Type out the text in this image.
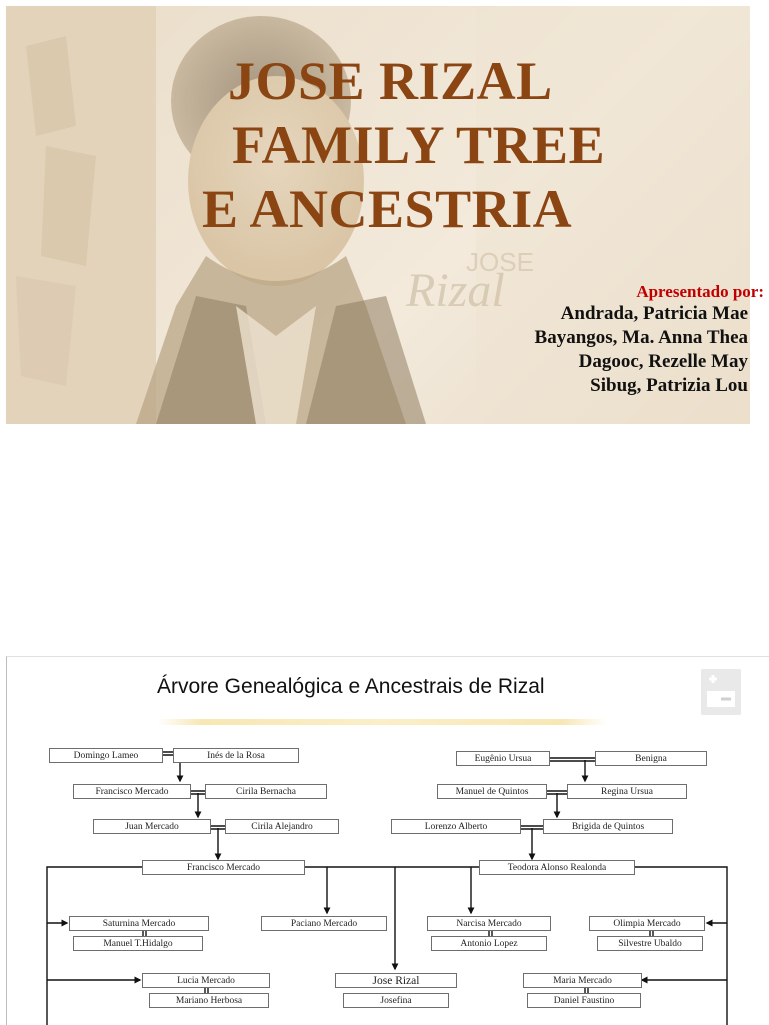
Rizal
JOSE
JOSE RIZAL
FAMILY TREE
E ANCESTRIA
Apresentado por:
Andrada, Patricia Mae
Bayangos, Ma. Anna Thea
Dagooc, Rezelle May
Sibug, Patrizia Lou
Árvore Genealógica e Ancestrais de Rizal
Domingo Lameo	Inés de la Rosa
Francisco Mercado	Cirila Bernacha
Juan Mercado	Cirila Alejandro
Francisco Mercado
Eugênio Ursua	Benigna
Manuel de Quintos	Regina Ursua
Lorenzo Alberto	Brigida de Quintos
Teodora Alonso Realonda
Saturnina Mercado
Manuel T.Hidalgo
Paciano Mercado	Narcisa Mercado
Antonio Lopez
Olimpia Mercado
Silvestre Ubaldo
Lucia Mercado
Mariano Herbosa
Jose Rizal
Josefina
Maria Mercado
Daniel Faustino
